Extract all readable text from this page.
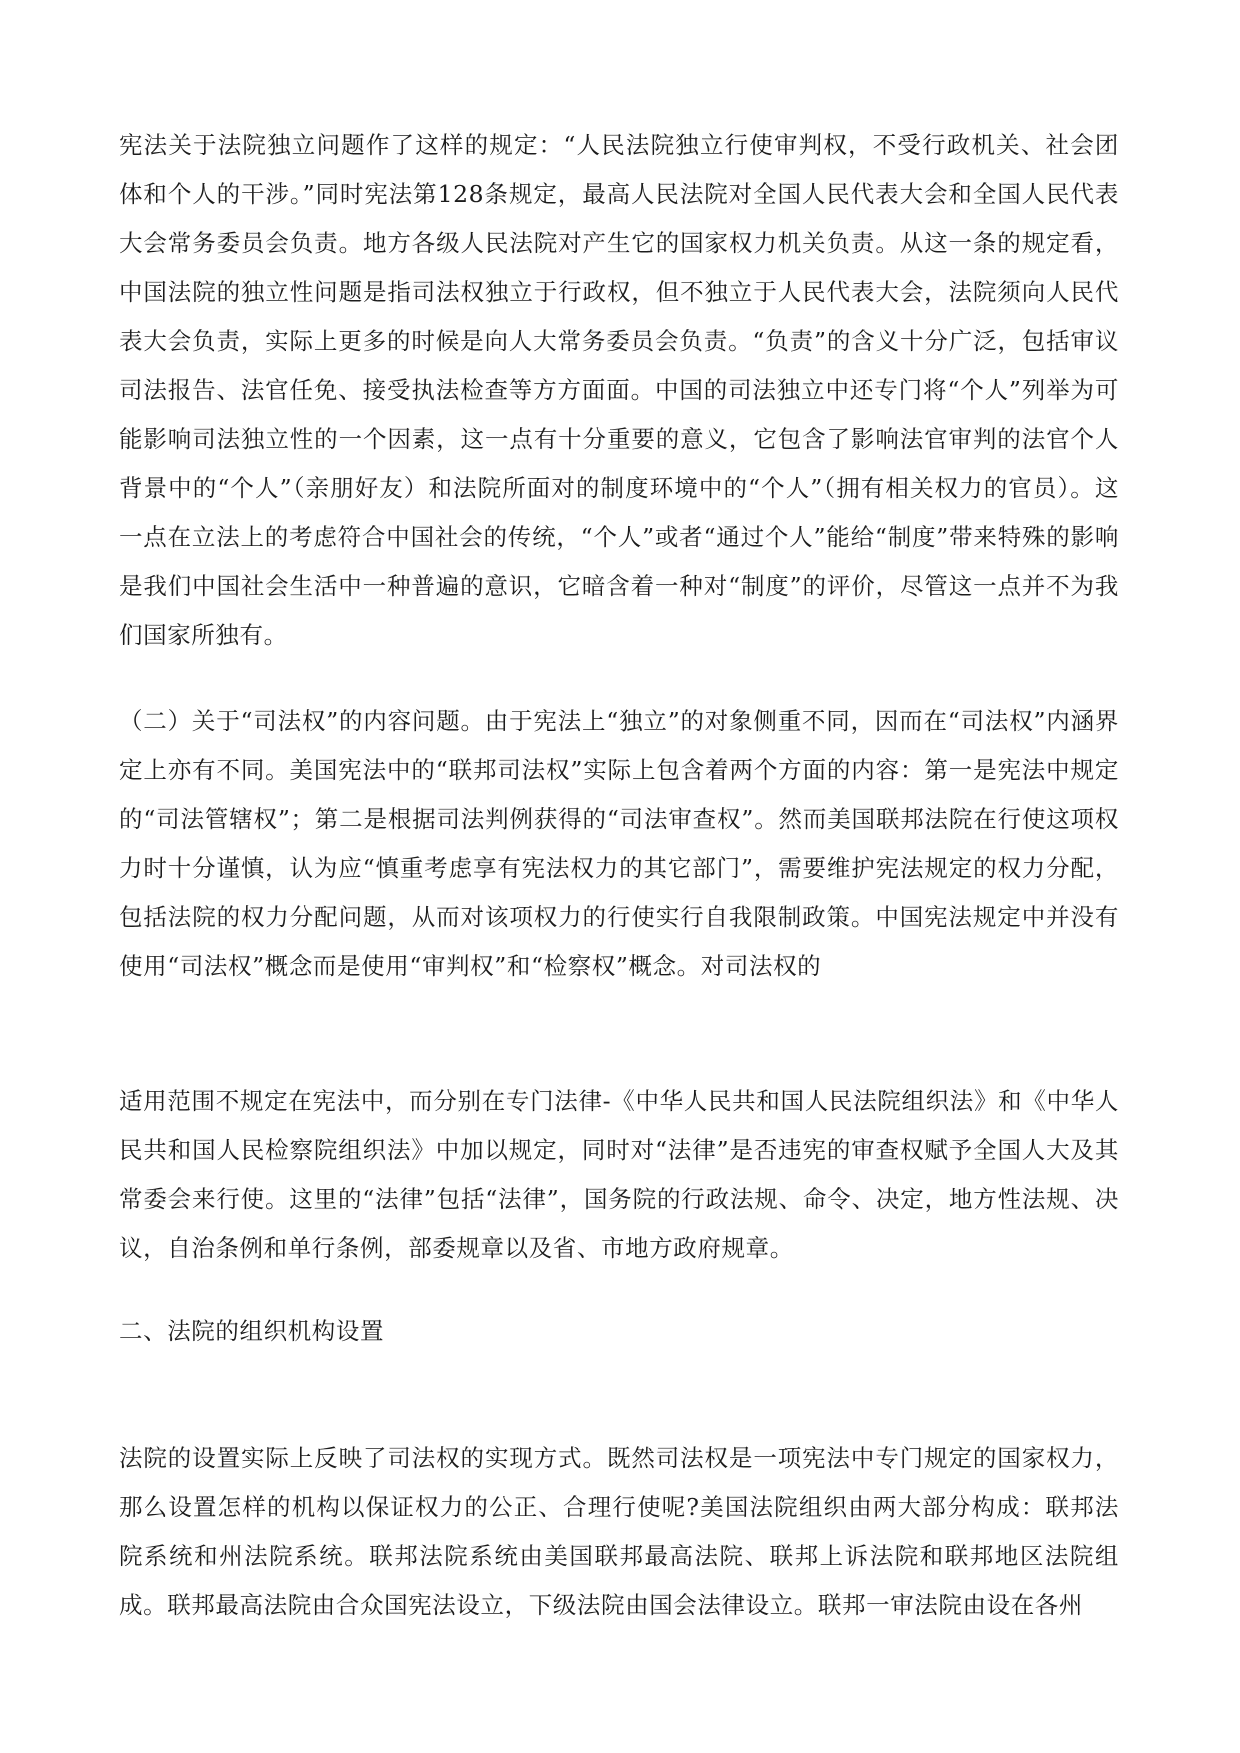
宪法关于法院独立问题作了这样的规定：“人民法院独立行使审判权，不受行政机关、社会团体和个人的干涉。”同时宪法第128条规定，最高人民法院对全国人民代表大会和全国人民代表大会常务委员会负责。地方各级人民法院对产生它的国家权力机关负责。从这一条的规定看，中国法院的独立性问题是指司法权独立于行政权，但不独立于人民代表大会，法院须向人民代表大会负责，实际上更多的时候是向人大常务委员会负责。“负责”的含义十分广泛，包括审议司法报告、法官任免、接受执法检查等方方面面。中国的司法独立中还专门将“个人”列举为可能影响司法独立性的一个因素，这一点有十分重要的意义，它包含了影响法官审判的法官个人背景中的“个人”（亲朋好友）和法院所面对的制度环境中的“个人”（拥有相关权力的官员）。这一点在立法上的考虑符合中国社会的传统，“个人”或者“通过个人”能给“制度”带来特殊的影响是我们中国社会生活中一种普遍的意识，它暗含着一种对“制度”的评价，尽管这一点并不为我们国家所独有。

（二）关于“司法权”的内容问题。由于宪法上“独立”的对象侧重不同，因而在“司法权”内涵界定上亦有不同。美国宪法中的“联邦司法权”实际上包含着两个方面的内容：第一是宪法中规定的“司法管辖权”；第二是根据司法判例获得的“司法审查权”。然而美国联邦法院在行使这项权力时十分谨慎，认为应“慎重考虑享有宪法权力的其它部门”，需要维护宪法规定的权力分配，包括法院的权力分配问题，从而对该项权力的行使实行自我限制政策。中国宪法规定中并没有使用“司法权”概念而是使用“审判权”和“检察权”概念。对司法权的

适用范围不规定在宪法中，而分别在专门法律-《中华人民共和国人民法院组织法》和《中华人民共和国人民检察院组织法》中加以规定，同时对“法律”是否违宪的审查权赋予全国人大及其常委会来行使。这里的“法律”包括“法律”，国务院的行政法规、命令、决定，地方性法规、决议，自治条例和单行条例，部委规章以及省、市地方政府规章。

二、法院的组织机构设置

法院的设置实际上反映了司法权的实现方式。既然司法权是一项宪法中专门规定的国家权力，那么设置怎样的机构以保证权力的公正、合理行使呢?美国法院组织由两大部分构成：联邦法院系统和州法院系统。联邦法院系统由美国联邦最高法院、联邦上诉法院和联邦地区法院组成。联邦最高法院由合众国宪法设立，下级法院由国会法律设立。联邦一审法院由设在各州
